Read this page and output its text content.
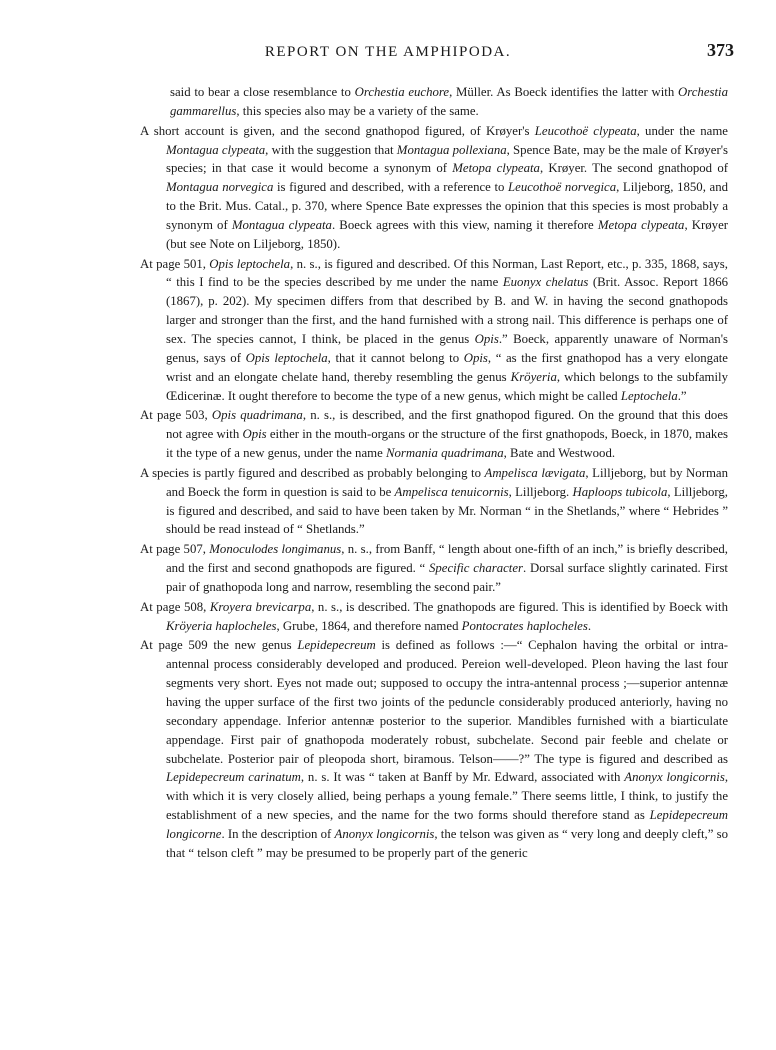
REPORT ON THE AMPHIPODA.	373

said to bear a close resemblance to Orchestia euchore, Müller. As Boeck identifies the latter with Orchestia gammarellus, this species also may be a variety of the same.

A short account is given, and the second gnathopod figured, of Krøyer's Leucothoë clypeata, under the name Montagua clypeata, with the suggestion that Montagua pollexiana, Spence Bate, may be the male of Krøyer's species; in that case it would become a synonym of Metopa clypeata, Krøyer. The second gnathopod of Montagua norvegica is figured and described, with a reference to Leucothoë norvegica, Liljeborg, 1850, and to the Brit. Mus. Catal., p. 370, where Spence Bate expresses the opinion that this species is most probably a synonym of Montagua clypeata. Boeck agrees with this view, naming it therefore Metopa clypeata, Krøyer (but see Note on Liljeborg, 1850).

At page 501, Opis leptochela, n. s., is figured and described. Of this Norman, Last Report, etc., p. 335, 1868, says, “ this I find to be the species described by me under the name Euonyx chelatus (Brit. Assoc. Report 1866 (1867), p. 202). My specimen differs from that described by B. and W. in having the second gnathopods larger and stronger than the first, and the hand furnished with a strong nail. This difference is perhaps one of sex. The species cannot, I think, be placed in the genus Opis.” Boeck, apparently unaware of Norman's genus, says of Opis leptochela, that it cannot belong to Opis, “ as the first gnathopod has a very elongate wrist and an elongate chelate hand, thereby resembling the genus Kröyeria, which belongs to the subfamily Œdicerinæ. It ought therefore to become the type of a new genus, which might be called Leptochela.”

At page 503, Opis quadrimana, n. s., is described, and the first gnathopod figured. On the ground that this does not agree with Opis either in the mouth-organs or the structure of the first gnathopods, Boeck, in 1870, makes it the type of a new genus, under the name Normania quadrimana, Bate and Westwood.

A species is partly figured and described as probably belonging to Ampelisca lævigata, Lilljeborg, but by Norman and Boeck the form in question is said to be Ampelisca tenuicornis, Lilljeborg. Haploops tubicola, Lilljeborg, is figured and described, and said to have been taken by Mr. Norman “ in the Shetlands,” where “ Hebrides ” should be read instead of “ Shetlands.”

At page 507, Monoculodes longimanus, n. s., from Banff, “ length about one-fifth of an inch,” is briefly described, and the first and second gnathopods are figured. “ Specific character. Dorsal surface slightly carinated. First pair of gnathopoda long and narrow, resembling the second pair.”

At page 508, Kroyera brevicarpa, n. s., is described. The gnathopods are figured. This is identified by Boeck with Kröyeria haplocheles, Grube, 1864, and therefore named Pontocrates haplocheles.

At page 509 the new genus Lepidepecreum is defined as follows :—“ Cephalon having the orbital or intra-antennal process considerably developed and produced. Pereion well-developed. Pleon having the last four segments very short. Eyes not made out; supposed to occupy the intra-antennal process ;—superior antennæ having the upper surface of the first two joints of the peduncle considerably produced anteriorly, having no secondary appendage. Inferior antennæ posterior to the superior. Mandibles furnished with a biarticulate appendage. First pair of gnathopoda moderately robust, subchelate. Second pair feeble and chelate or subchelate. Posterior pair of pleopoda short, biramous. Telson——?” The type is figured and described as Lepidepecreum carinatum, n. s. It was “ taken at Banff by Mr. Edward, associated with Anonyx longicornis, with which it is very closely allied, being perhaps a young female.” There seems little, I think, to justify the establishment of a new species, and the name for the two forms should therefore stand as Lepidepecreum longicorne. In the description of Anonyx longicornis, the telson was given as “ very long and deeply cleft,” so that “ telson cleft ” may be presumed to be properly part of the generic
